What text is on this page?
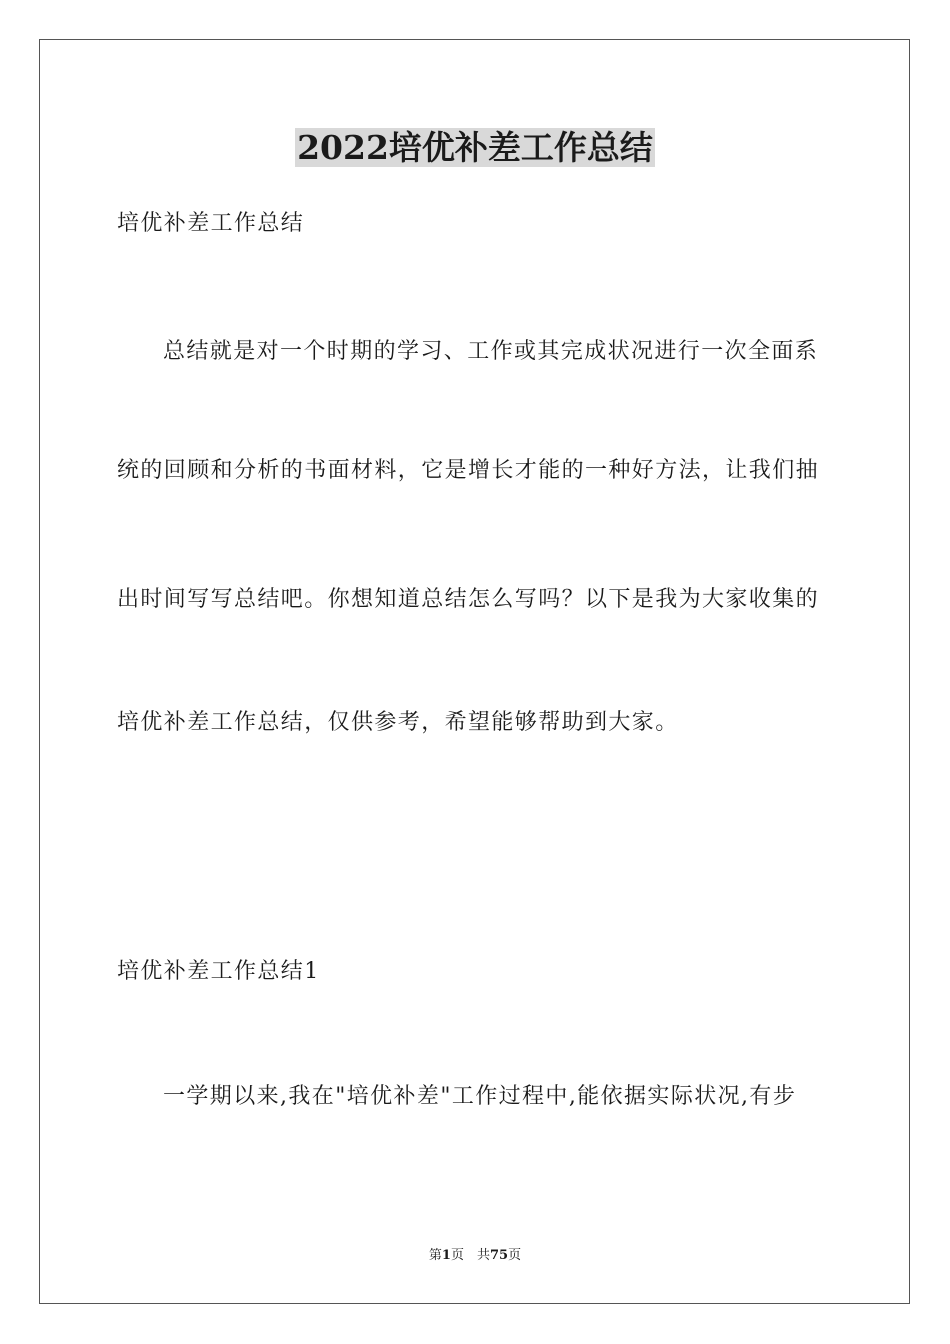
2022培优补差工作总结
培优补差工作总结
总结就是对一个时期的学习、工作或其完成状况进行一次全面系
统的回顾和分析的书面材料，它是增长才能的一种好方法，让我们抽
出时间写写总结吧。你想知道总结怎么写吗？以下是我为大家收集的
培优补差工作总结，仅供参考，希望能够帮助到大家。
培优补差工作总结1
一学期以来,我在"培优补差"工作过程中,能依据实际状况,有步
第1页　共75页
